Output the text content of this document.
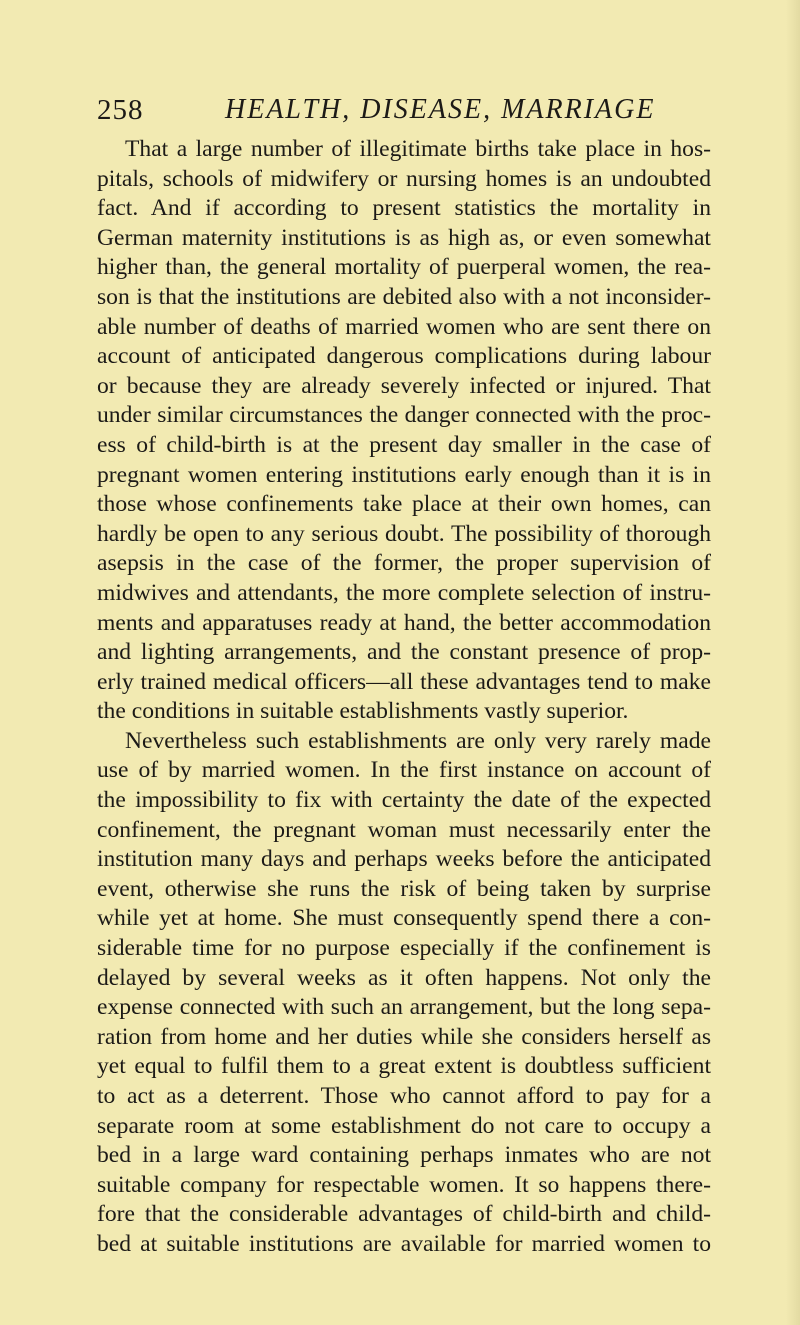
258	HEALTH, DISEASE, MARRIAGE
That a large number of illegitimate births take place in hos-
pitals, schools of midwifery or nursing homes is an undoubted
fact. And if according to present statistics the mortality in
German maternity institutions is as high as, or even somewhat
higher than, the general mortality of puerperal women, the rea-
son is that the institutions are debited also with a not inconsider-
able number of deaths of married women who are sent there on
account of anticipated dangerous complications during labour
or because they are already severely infected or injured. That
under similar circumstances the danger connected with the proc-
ess of child-birth is at the present day smaller in the case of
pregnant women entering institutions early enough than it is in
those whose confinements take place at their own homes, can
hardly be open to any serious doubt. The possibility of thorough
asepsis in the case of the former, the proper supervision of
midwives and attendants, the more complete selection of instru-
ments and apparatuses ready at hand, the better accommodation
and lighting arrangements, and the constant presence of prop-
erly trained medical officers—all these advantages tend to make
the conditions in suitable establishments vastly superior.
Nevertheless such establishments are only very rarely made
use of by married women. In the first instance on account of
the impossibility to fix with certainty the date of the expected
confinement, the pregnant woman must necessarily enter the
institution many days and perhaps weeks before the anticipated
event, otherwise she runs the risk of being taken by surprise
while yet at home. She must consequently spend there a con-
siderable time for no purpose especially if the confinement is
delayed by several weeks as it often happens. Not only the
expense connected with such an arrangement, but the long sepa-
ration from home and her duties while she considers herself as
yet equal to fulfil them to a great extent is doubtless sufficient
to act as a deterrent. Those who cannot afford to pay for a
separate room at some establishment do not care to occupy a
bed in a large ward containing perhaps inmates who are not
suitable company for respectable women. It so happens there-
fore that the considerable advantages of child-birth and child-
bed at suitable institutions are available for married women to
